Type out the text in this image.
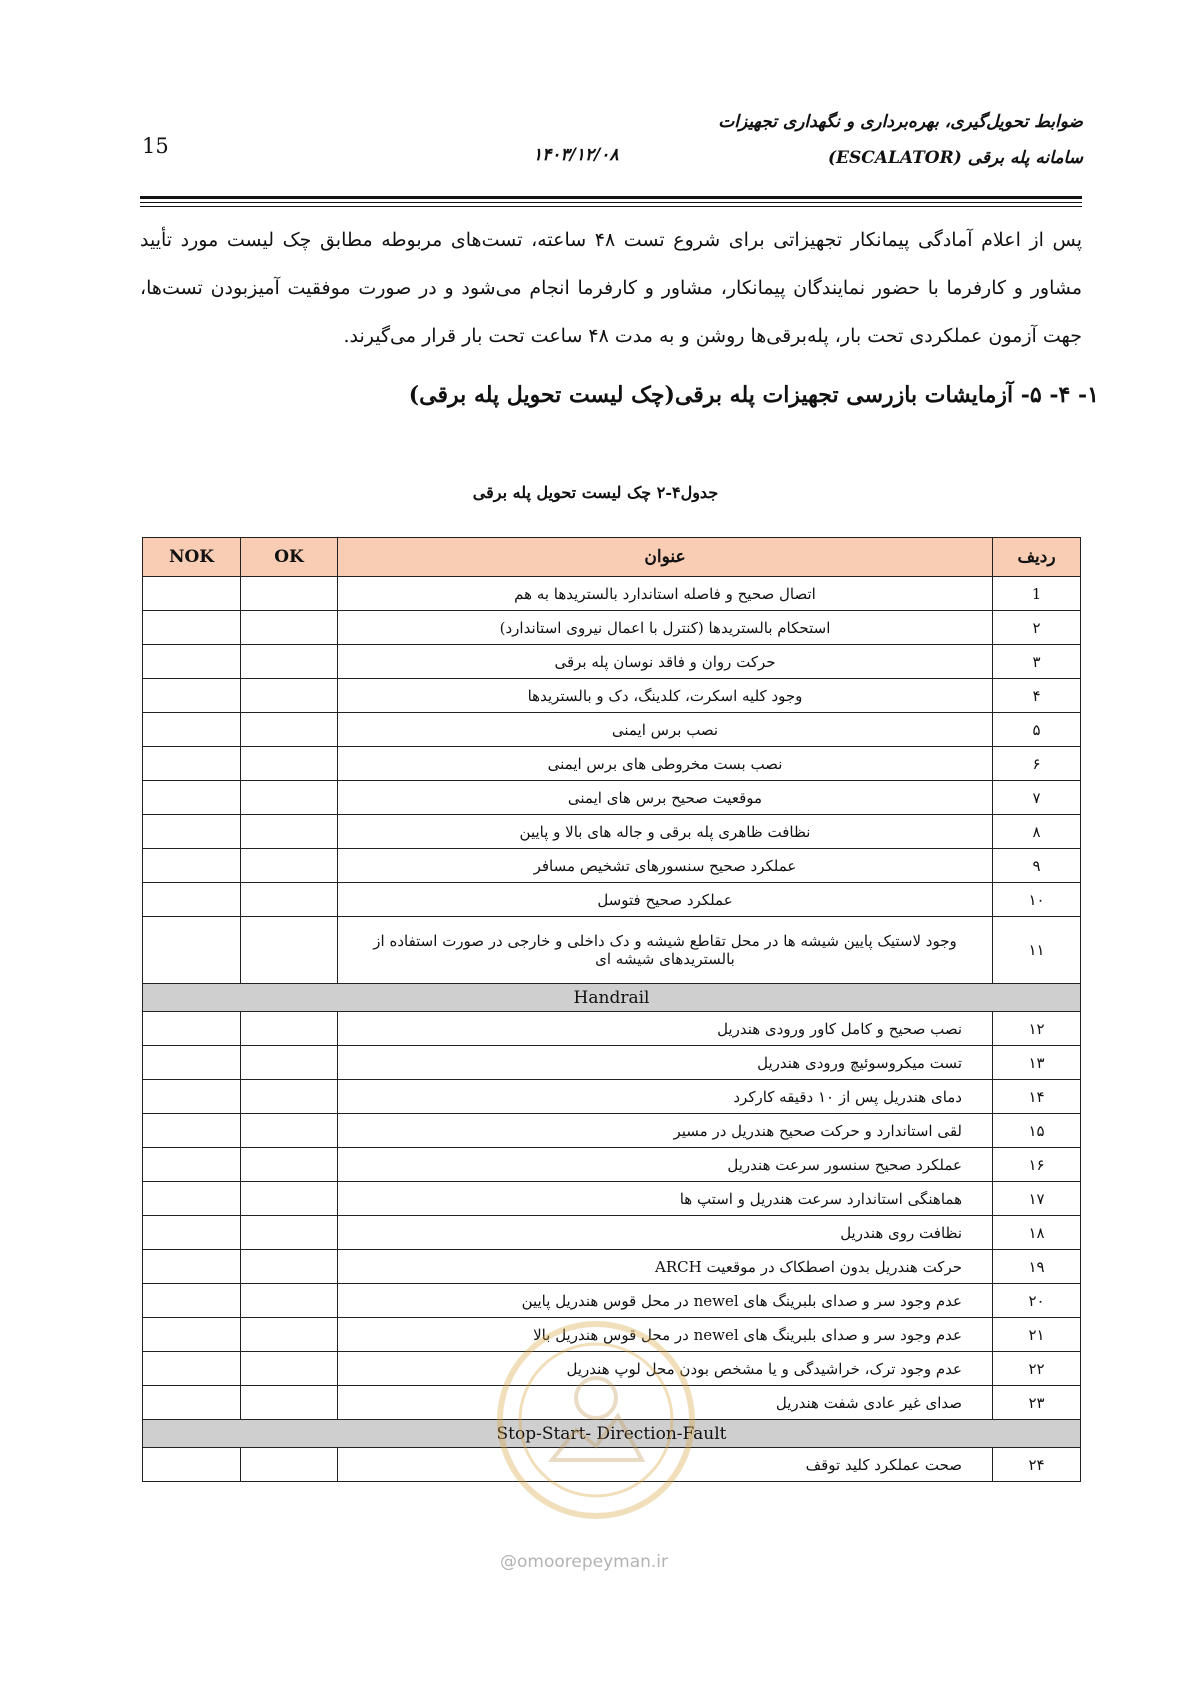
ضوابط تحویل‌گیری، بهره‌برداری و نگهداری تجهیزات
سامانه پله برقی (ESCALATOR)
۱۴۰۳/۱۲/۰۸
15
پس از اعلام آمادگی پیمانکار تجهیزاتی برای شروع تست ۴۸ ساعته، تست‌های مربوطه مطابق چک لیست مورد تأیید مشاور و کارفرما با حضور نمایندگان پیمانکار، مشاور و کارفرما انجام می‌شود و در صورت موفقیت آمیزبودن تست‌ها، جهت آزمون عملکردی تحت بار، پله‌برقی‌ها روشن و به مدت ۴۸ ساعت تحت بار قرار می‌گیرند.
۱- ۴- ۵- آزمایشات بازرسی تجهیزات پله برقی(چک لیست تحویل پله برقی)
جدول۴-۲ چک لیست تحویل پله برقی
NOK	OK	عنوان	ردیف
		اتصال صحیح و فاصله استاندارد بالستریدها به هم	1
		استحکام بالستریدها (کنترل با اعمال نیروی استاندارد)	۲
		حرکت روان و فاقد نوسان پله برقی	۳
		وجود کلیه اسکرت، کلدینگ، دک و بالستریدها	۴
		نصب برس ایمنی	۵
		نصب بست مخروطی های برس ایمنی	۶
		موقعیت صحیح برس های ایمنی	۷
		نظافت ظاهری پله برقی و جاله های بالا و پایین	۸
		عملکرد صحیح سنسورهای تشخیص مسافر	۹
		عملکرد صحیح فتوسل	۱۰
		وجود لاستیک پایین شیشه ها در محل تقاطع شیشه و دک داخلی و خارجی در صورت استفاده از بالستریدهای شیشه ای	۱۱
Handrail			
		نصب صحیح و کامل کاور ورودی هندریل	۱۲
		تست میکروسوئیچ ورودی هندریل	۱۳
		دمای هندریل پس از ۱۰ دقیقه کارکرد	۱۴
		لقی استاندارد و حرکت صحیح هندریل در مسیر	۱۵
		عملکرد صحیح سنسور سرعت هندریل	۱۶
		هماهنگی استاندارد سرعت هندریل و استپ ها	۱۷
		نظافت روی هندریل	۱۸
		حرکت هندریل بدون اصطکاک در موقعیت ARCH	۱۹
		عدم وجود سر و صدای بلبرینگ های newel در محل قوس هندریل پایین	۲۰
		عدم وجود سر و صدای بلبرینگ های newel در محل قوس هندریل بالا	۲۱
		عدم وجود ترک، خراشیدگی و یا مشخص بودن محل لوپ هندریل	۲۲
		صدای غیر عادی شفت هندریل	۲۳
Stop-Start- Direction-Fault			
		صحت عملکرد کلید توقف	۲۴
@omoorepeyman.ir
